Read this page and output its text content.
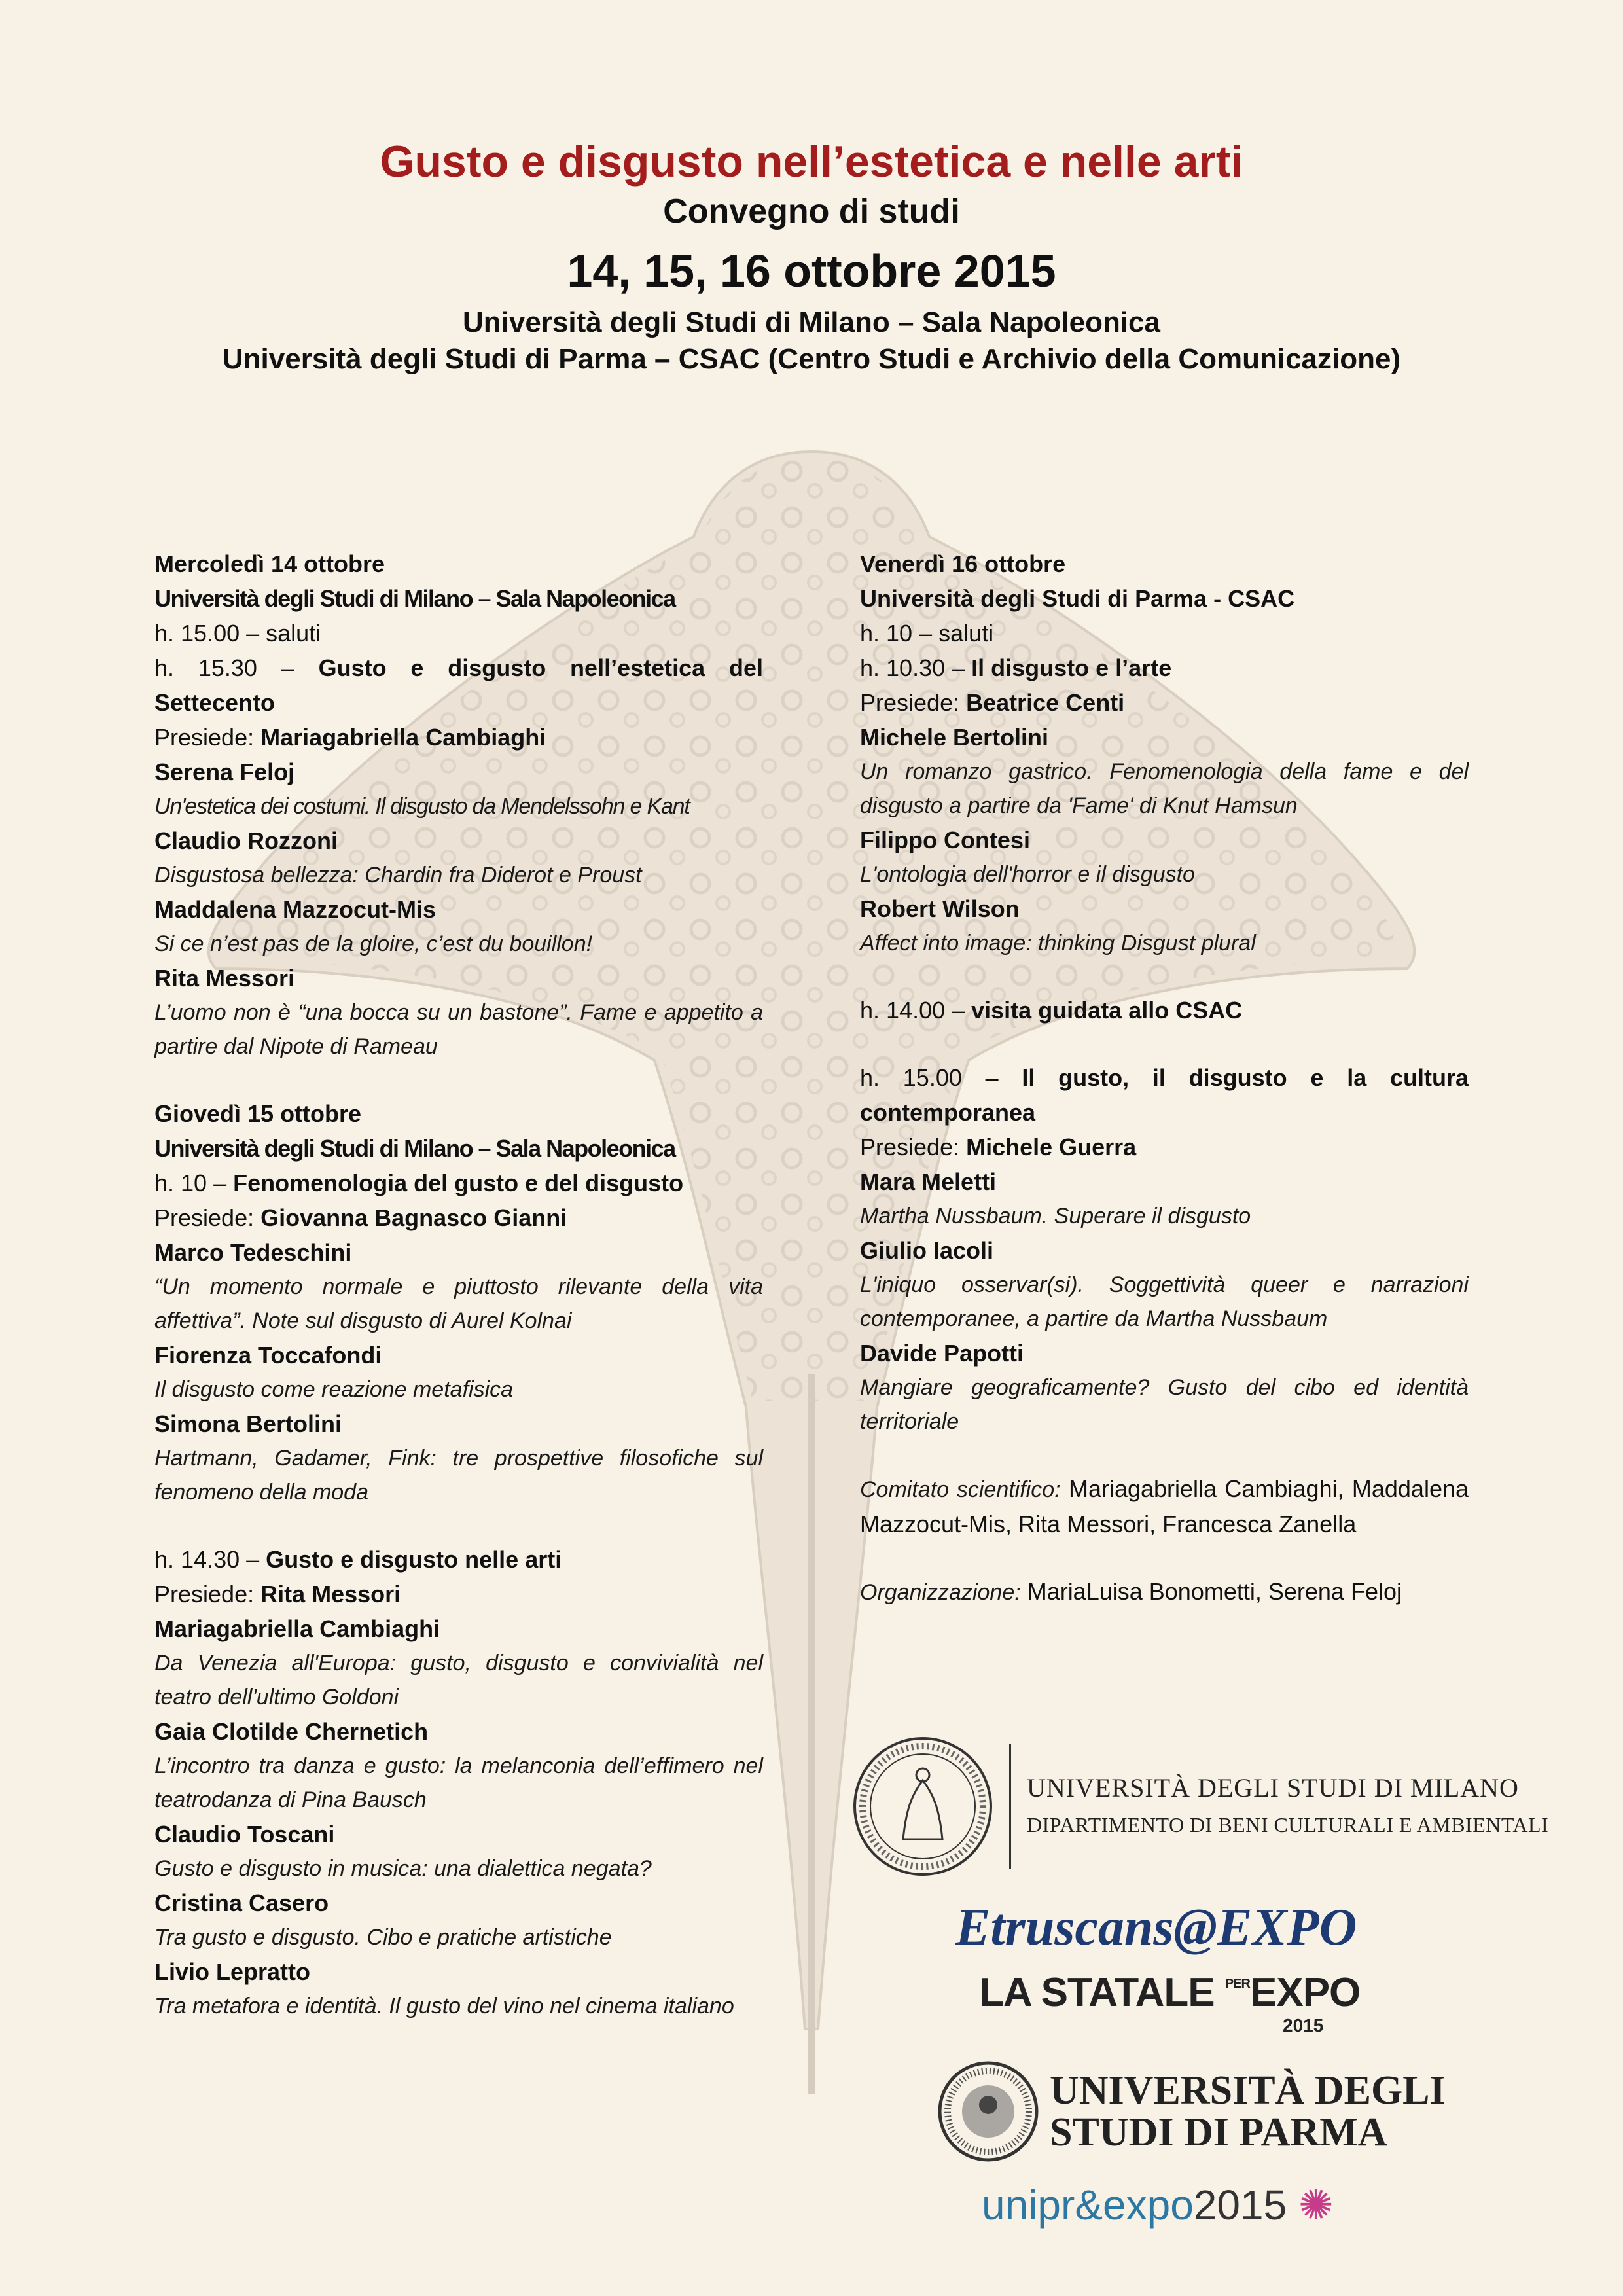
Gusto e disgusto nell’estetica e nelle arti

Convegno di studi

14, 15, 16 ottobre 2015

Università degli Studi di Milano – Sala Napoleonica

Università degli Studi di Parma – CSAC (Centro Studi e Archivio della Comunicazione)

Mercoledì 14 ottobre
Università degli Studi di Milano – Sala Napoleonica
h. 15.00 – saluti
h. 15.30 – Gusto e disgusto nell’estetica del Settecento
Presiede: Mariagabriella Cambiaghi
Serena Feloj
Un'estetica dei costumi. Il disgusto da Mendelssohn e Kant
Claudio Rozzoni
Disgustosa bellezza: Chardin fra Diderot e Proust
Maddalena Mazzocut-Mis
Si ce n’est pas de la gloire, c’est du bouillon!
Rita Messori
L’uomo non è “una bocca su un bastone”. Fame e appetito a partire dal Nipote di Rameau
Giovedì 15 ottobre
Università degli Studi di Milano – Sala Napoleonica
h. 10 – Fenomenologia del gusto e del disgusto
Presiede: Giovanna Bagnasco Gianni
Marco Tedeschini
“Un momento normale e piuttosto rilevante della vita affettiva”. Note sul disgusto di Aurel Kolnai
Fiorenza Toccafondi
Il disgusto come reazione metafisica
Simona Bertolini
Hartmann, Gadamer, Fink: tre prospettive filosofiche sul fenomeno della moda
h. 14.30 – Gusto e disgusto nelle arti
Presiede: Rita Messori
Mariagabriella Cambiaghi
Da Venezia all'Europa: gusto, disgusto e convivialità nel teatro dell'ultimo Goldoni
Gaia Clotilde Chernetich
L’incontro tra danza e gusto: la melanconia dell’effimero nel teatrodanza di Pina Bausch
Claudio Toscani
Gusto e disgusto in musica: una dialettica negata?
Cristina Casero
Tra gusto e disgusto. Cibo e pratiche artistiche
Livio Lepratto
Tra metafora e identità. Il gusto del vino nel cinema italiano
Venerdì 16 ottobre
Università degli Studi di Parma - CSAC
h. 10 – saluti
h. 10.30 – Il disgusto e l’arte
Presiede: Beatrice Centi
Michele Bertolini
Un romanzo gastrico. Fenomenologia della fame e del disgusto a partire da 'Fame' di Knut Hamsun
Filippo Contesi
L'ontologia dell'horror e il disgusto
Robert Wilson
Affect into image: thinking Disgust plural
h. 14.00 – visita guidata allo CSAC
h. 15.00 – Il gusto, il disgusto e la cultura contemporanea
Presiede: Michele Guerra
Mara Meletti
Martha Nussbaum. Superare il disgusto
Giulio Iacoli
L'iniquo osservar(si). Soggettività queer e narrazioni contemporanee, a partire da Martha Nussbaum
Davide Papotti
Mangiare geograficamente? Gusto del cibo ed identità territoriale
Comitato scientifico: Mariagabriella Cambiaghi, Maddalena Mazzocut-Mis, Rita Messori, Francesca Zanella
Organizzazione: MariaLuisa Bonometti, Serena Feloj
UNIVERSITÀ DEGLI STUDI DI MILANO
DIPARTIMENTO DI BENI CULTURALI E AMBIENTALI
Etruscans@EXPO
LA STATALE $^{PER}$EXPO
2015
UNIVERSITÀ DEGLI
STUDI DI PARMA
unipr&expo2015 ✺
